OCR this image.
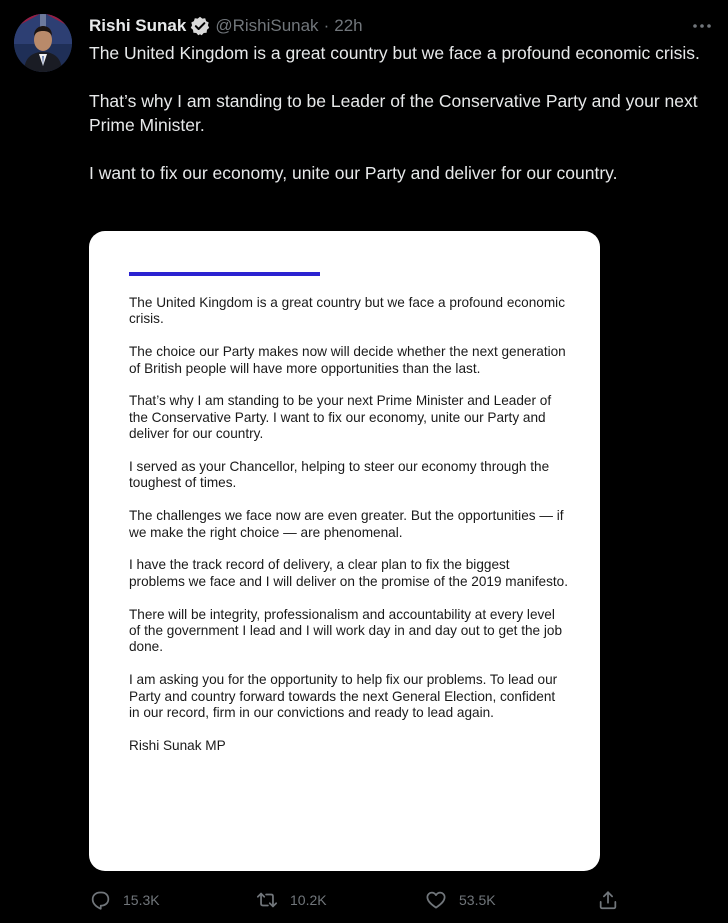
Rishi Sunak @RishiSunak · 22h

The United Kingdom is a great country but we face a profound economic crisis.

That’s why I am standing to be Leader of the Conservative Party and your next Prime Minister.

I want to fix our economy, unite our Party and deliver for our country.

The United Kingdom is a great country but we face a profound economic crisis.

The choice our Party makes now will decide whether the next generation of British people will have more opportunities than the last.

That’s why I am standing to be your next Prime Minister and Leader of the Conservative Party. I want to fix our economy, unite our Party and deliver for our country.

I served as your Chancellor, helping to steer our economy through the toughest of times.

The challenges we face now are even greater. But the opportunities — if we make the right choice — are phenomenal.

I have the track record of delivery, a clear plan to fix the biggest problems we face and I will deliver on the promise of the 2019 manifesto.

There will be integrity, professionalism and accountability at every level of the government I lead and I will work day in and day out to get the job done.

I am asking you for the opportunity to help fix our problems. To lead our Party and country forward towards the next General Election, confident in our record, firm in our convictions and ready to lead again.

Rishi Sunak MP

15.3K	10.2K	53.5K
